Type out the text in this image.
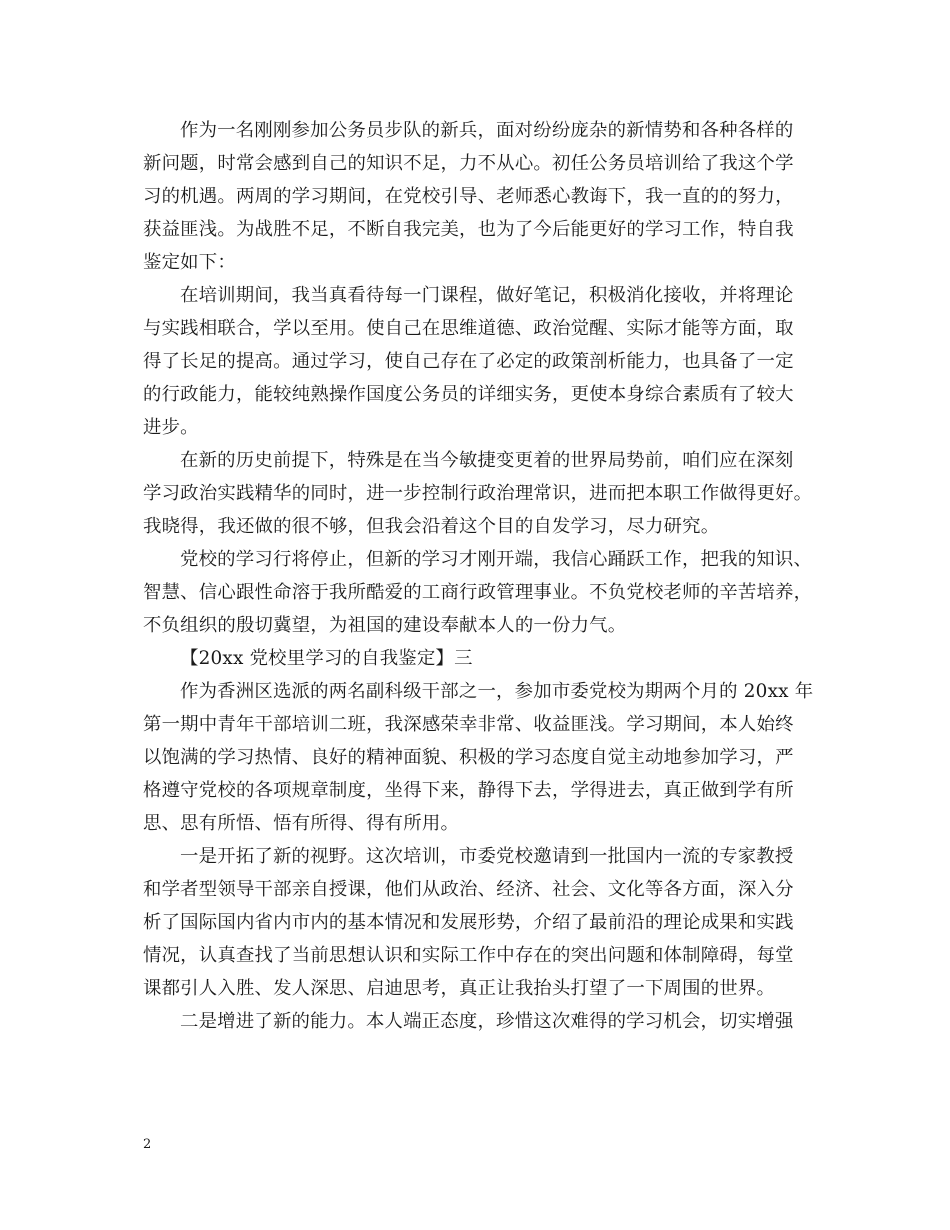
作为一名刚刚参加公务员步队的新兵，面对纷纷庞杂的新情势和各种各样的
新问题，时常会感到自己的知识不足，力不从心。初任公务员培训给了我这个学
习的机遇。两周的学习期间，在党校引导、老师悉心教诲下，我一直的的努力，
获益匪浅。为战胜不足，不断自我完美，也为了今后能更好的学习工作，特自我
鉴定如下：
在培训期间，我当真看待每一门课程，做好笔记，积极消化接收，并将理论
与实践相联合，学以至用。使自己在思维道德、政治觉醒、实际才能等方面，取
得了长足的提高。通过学习，使自己存在了必定的政策剖析能力，也具备了一定
的行政能力，能较纯熟操作国度公务员的详细实务，更使本身综合素质有了较大
进步。
在新的历史前提下，特殊是在当今敏捷变更着的世界局势前，咱们应在深刻
学习政治实践精华的同时，进一步控制行政治理常识，进而把本职工作做得更好。
我晓得，我还做的很不够，但我会沿着这个目的自发学习，尽力研究。
党校的学习行将停止，但新的学习才刚开端，我信心踊跃工作，把我的知识、
智慧、信心跟性命溶于我所酷爱的工商行政管理事业。不负党校老师的辛苦培养，
不负组织的殷切冀望，为祖国的建设奉献本人的一份力气。
【20xx 党校里学习的自我鉴定】三
作为香洲区选派的两名副科级干部之一，参加市委党校为期两个月的 20xx 年
第一期中青年干部培训二班，我深感荣幸非常、收益匪浅。学习期间，本人始终
以饱满的学习热情、良好的精神面貌、积极的学习态度自觉主动地参加学习，严
格遵守党校的各项规章制度，坐得下来，静得下去，学得进去，真正做到学有所
思、思有所悟、悟有所得、得有所用。
一是开拓了新的视野。这次培训，市委党校邀请到一批国内一流的专家教授
和学者型领导干部亲自授课，他们从政治、经济、社会、文化等各方面，深入分
析了国际国内省内市内的基本情况和发展形势，介绍了最前沿的理论成果和实践
情况，认真查找了当前思想认识和实际工作中存在的突出问题和体制障碍，每堂
课都引人入胜、发人深思、启迪思考，真正让我抬头打望了一下周围的世界。
二是增进了新的能力。本人端正态度，珍惜这次难得的学习机会，切实增强
2
